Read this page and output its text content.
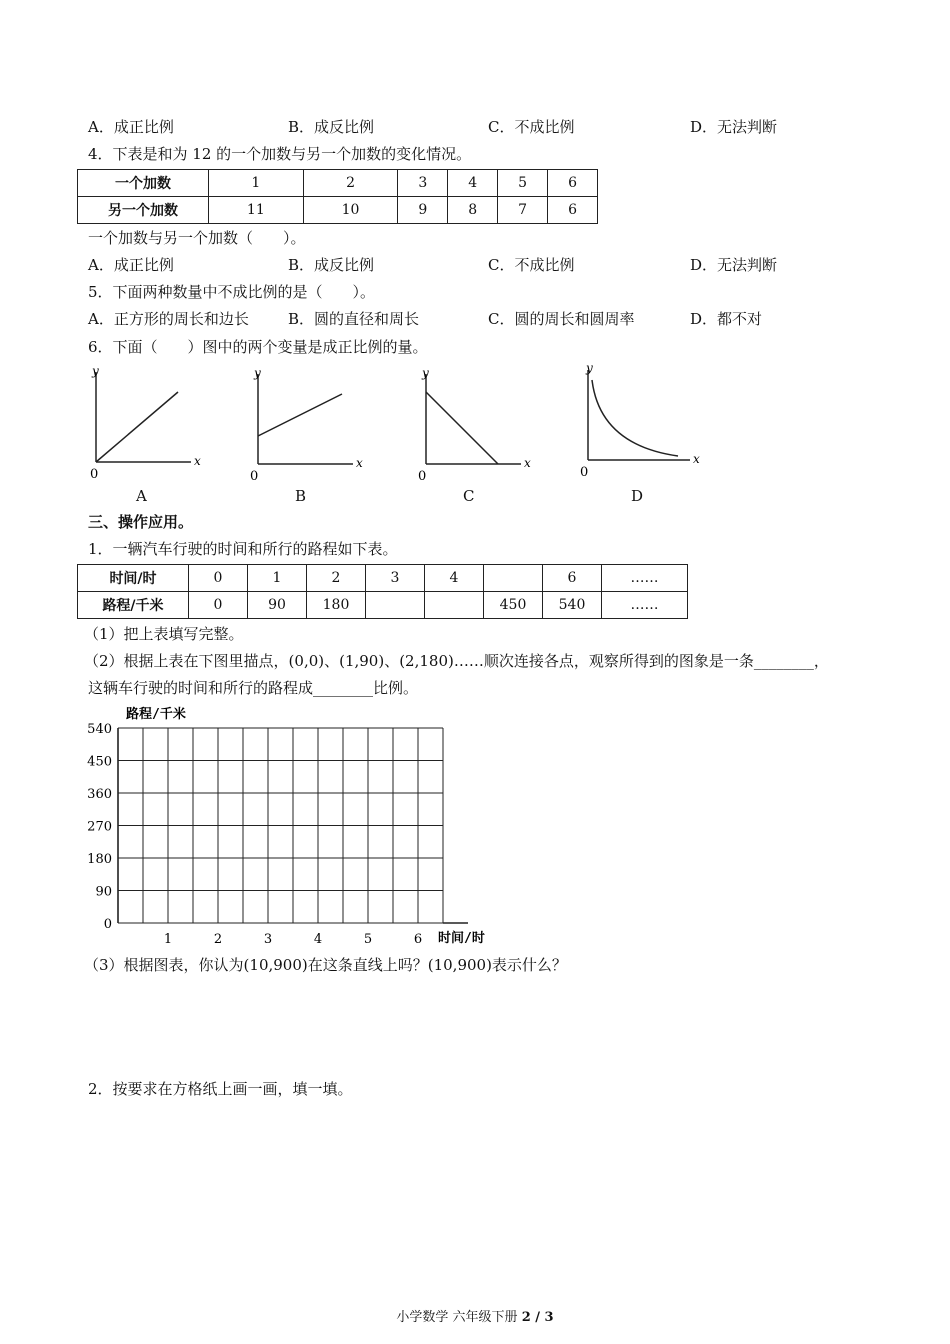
A．成正比例	B．成反比例	C．不成比例	D．无法判断
4．下表是和为 12 的一个加数与另一个加数的变化情况。
一个加数	1	2	3	4	5	6
另一个加数	11	10	9	8	7	6
一个加数与另一个加数（　　）。
A．成正比例	B．成反比例	C．不成比例	D．无法判断
5．下面两种数量中不成比例的是（　　）。
A．正方形的周长和边长	B．圆的直径和周长	C．圆的周长和圆周率	D．都不对
6．下面（　　）图中的两个变量是成正比例的量。
y
x
0
A
y
x
0
B
y
x
0
C
y
x
0
D
三、操作应用。
1．一辆汽车行驶的时间和所行的路程如下表。
时间/时	0	1	2	3	4		6	……
路程/千米	0	90	180			450	540	……
（1）把上表填写完整。
（2）根据上表在下图里描点，(0,0)、(1,90)、(2,180)……顺次连接各点，观察所得到的图象是一条________，
这辆车行驶的时间和所行的路程成________比例。
路程/千米
时间/时
540
450
360
270
180
90
0
1	2	3	4	5	6
（3）根据图表，你认为(10,900)在这条直线上吗？(10,900)表示什么？
2．按要求在方格纸上画一画，填一填。
小学数学 六年级下册 2 / 3
